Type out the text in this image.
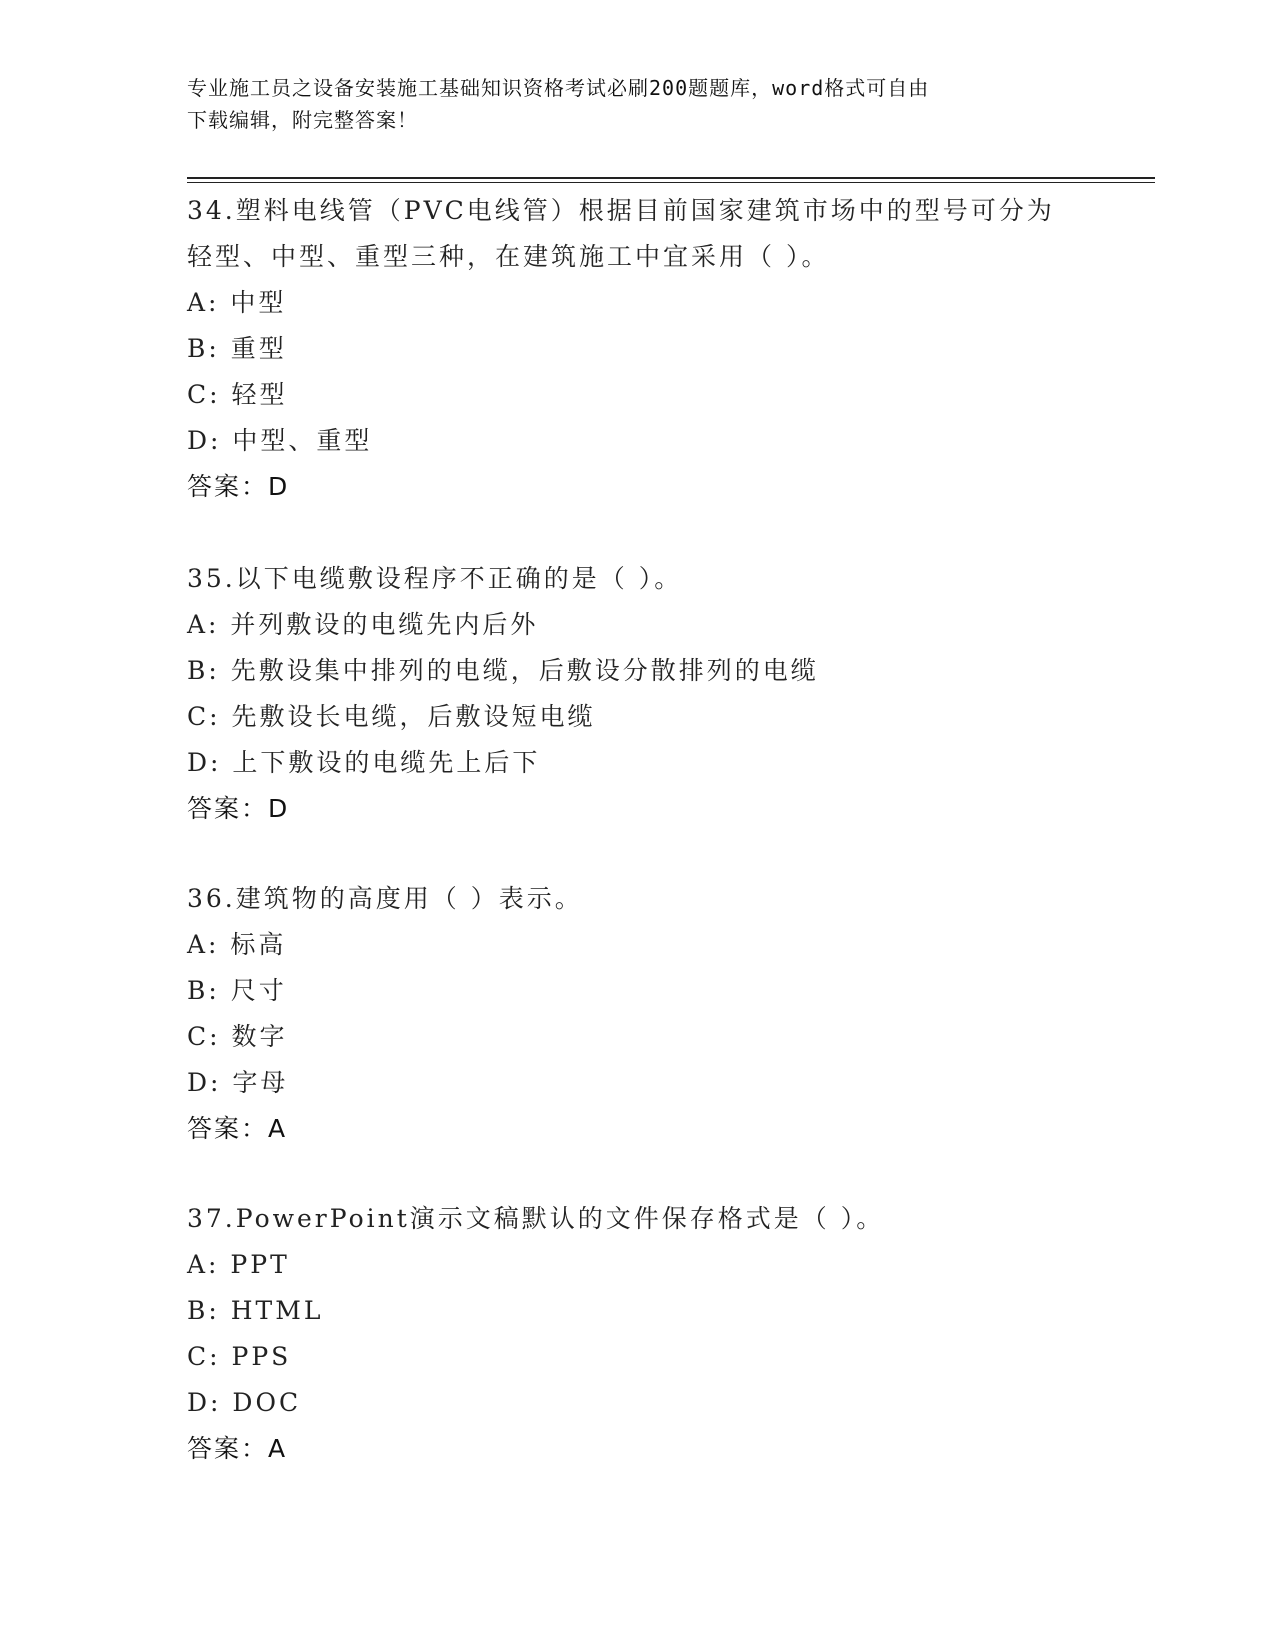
专业施工员之设备安装施工基础知识资格考试必刷200题题库，word格式可自由
下载编辑，附完整答案！

34.塑料电线管（PVC电线管）根据目前国家建筑市场中的型号可分为

轻型、中型、重型三种，在建筑施工中宜采用（ ）。

A: 中型

B: 重型

C: 轻型

D: 中型、重型

答案：D

35.以下电缆敷设程序不正确的是（ ）。

A: 并列敷设的电缆先内后外

B: 先敷设集中排列的电缆，后敷设分散排列的电缆

C: 先敷设长电缆，后敷设短电缆

D: 上下敷设的电缆先上后下

答案：D

36.建筑物的高度用（ ）表示。

A: 标高

B: 尺寸

C: 数字

D: 字母

答案：A

37.PowerPoint演示文稿默认的文件保存格式是（ ）。

A: PPT

B: HTML

C: PPS

D: DOC

答案：A
